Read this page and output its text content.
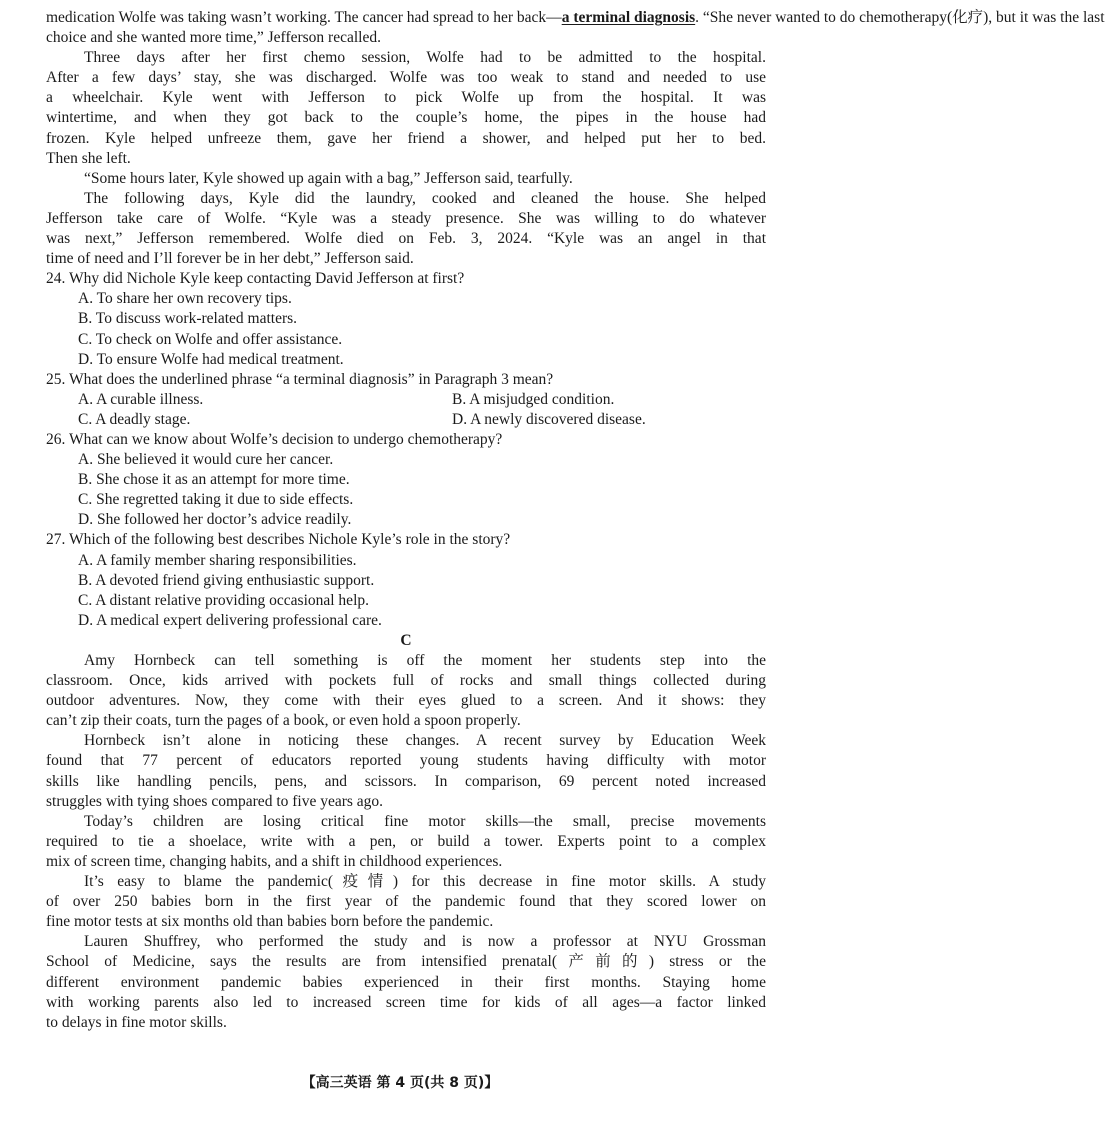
medication Wolfe was taking wasn’t working. The cancer had spread to her back—a terminal diagnosis. “She never wanted to do chemotherapy(化疗), but it was the last
choice and she wanted more time,” Jefferson recalled.
Three days after her first chemo session, Wolfe had to be admitted to the hospital.
After a few days’ stay, she was discharged. Wolfe was too weak to stand and needed to use
a wheelchair. Kyle went with Jefferson to pick Wolfe up from the hospital. It was
wintertime, and when they got back to the couple’s home, the pipes in the house had
frozen. Kyle helped unfreeze them, gave her friend a shower, and helped put her to bed.
Then she left.
“Some hours later, Kyle showed up again with a bag,” Jefferson said, tearfully.
The following days, Kyle did the laundry, cooked and cleaned the house. She helped
Jefferson take care of Wolfe. “Kyle was a steady presence. She was willing to do whatever
was next,” Jefferson remembered. Wolfe died on Feb. 3, 2024. “Kyle was an angel in that
time of need and I’ll forever be in her debt,” Jefferson said.
24. Why did Nichole Kyle keep contacting David Jefferson at first?
A. To share her own recovery tips.
B. To discuss work-related matters.
C. To check on Wolfe and offer assistance.
D. To ensure Wolfe had medical treatment.
25. What does the underlined phrase “a terminal diagnosis” in Paragraph 3 mean?
A. A curable illness.	B. A misjudged condition.
C. A deadly stage.	D. A newly discovered disease.
26. What can we know about Wolfe’s decision to undergo chemotherapy?
A. She believed it would cure her cancer.
B. She chose it as an attempt for more time.
C. She regretted taking it due to side effects.
D. She followed her doctor’s advice readily.
27. Which of the following best describes Nichole Kyle’s role in the story?
A. A family member sharing responsibilities.
B. A devoted friend giving enthusiastic support.
C. A distant relative providing occasional help.
D. A medical expert delivering professional care.
C
Amy Hornbeck can tell something is off the moment her students step into the
classroom. Once, kids arrived with pockets full of rocks and small things collected during
outdoor adventures. Now, they come with their eyes glued to a screen. And it shows: they
can’t zip their coats, turn the pages of a book, or even hold a spoon properly.
Hornbeck isn’t alone in noticing these changes. A recent survey by Education Week
found that 77 percent of educators reported young students having difficulty with motor
skills like handling pencils, pens, and scissors. In comparison, 69 percent noted increased
struggles with tying shoes compared to five years ago.
Today’s children are losing critical fine motor skills—the small, precise movements
required to tie a shoelace, write with a pen, or build a tower. Experts point to a complex
mix of screen time, changing habits, and a shift in childhood experiences.
It’s easy to blame the pandemic(疫情) for this decrease in fine motor skills. A study
of over 250 babies born in the first year of the pandemic found that they scored lower on
fine motor tests at six months old than babies born before the pandemic.
Lauren Shuffrey, who performed the study and is now a professor at NYU Grossman
School of Medicine, says the results are from intensified prenatal(产前的) stress or the
different environment pandemic babies experienced in their first months. Staying home
with working parents also led to increased screen time for kids of all ages—a factor linked
to delays in fine motor skills.
【高三英语 第 4 页(共 8 页)】
